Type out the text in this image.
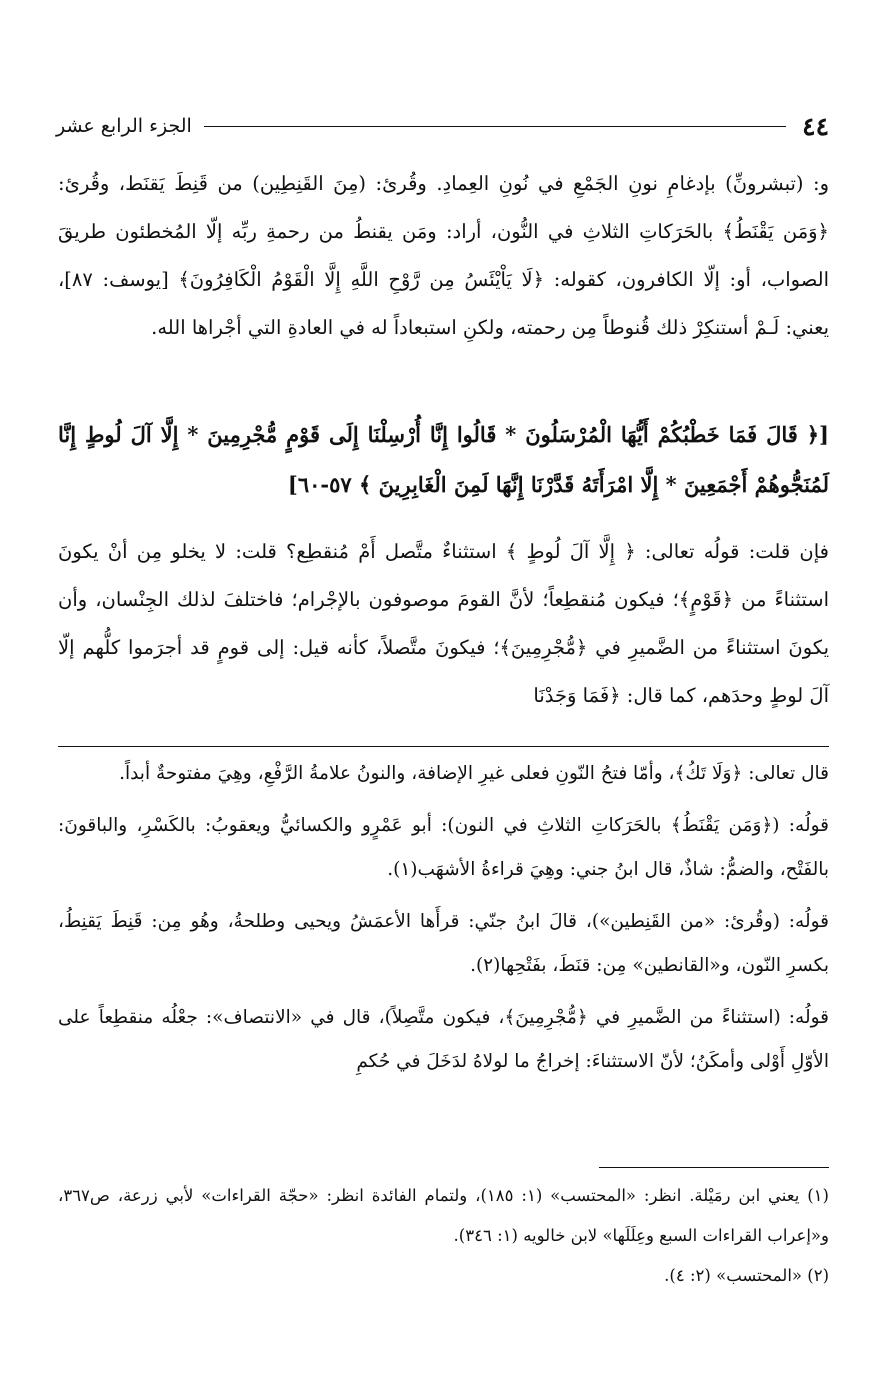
٤٤
الجزء الرابع عشر

و: (تبشرونِّ) بإدغامِ نونِ الجَمْعِ في نُونِ العِمادِ. وقُرئ: (مِنَ القَنِطِين) من قَنِطَ يَقنَط، وقُرئ: ﴿وَمَن يَقْنَطُ﴾ بالحَرَكاتِ الثلاثِ في النُّون، أراد: ومَن يقنطُ من رحمةِ ربِّه إلّا المُخطئون طريقَ الصواب، أو: إلّا الكافرون، كقوله: ﴿لَا يَاْيْئَسُ مِن رَّوْحِ اللَّهِ إِلَّا الْقَوْمُ الْكَافِرُونَ﴾ [يوسف: ٨٧]، يعني: لَـمْ أستنكِرْ ذلك قُنوطاً مِن رحمته، ولكنِ استبعاداً له في العادةِ التي أجْراها الله.

[﴿ قَالَ فَمَا خَطْبُكُمْ أَيُّهَا الْمُرْسَلُونَ * قَالُوا إِنَّا أُرْسِلْنَا إِلَى قَوْمٍ مُّجْرِمِينَ * إِلَّا آلَ لُوطٍ إِنَّا لَمُنَجُّوهُمْ أَجْمَعِينَ * إِلَّا امْرَأَتَهُ قَدَّرْنَا إِنَّهَا لَمِنَ الْغَابِرِينَ ﴾ ٥٧-٦٠]

فإن قلت: قولُه تعالى: ﴿ إِلَّا آلَ لُوطٍ ﴾ استثناءٌ متَّصل أَمْ مُنقطِع؟ قلت: لا يخلو مِن أنْ يكونَ استثناءً من ﴿قَوْمٍ﴾؛ فيكون مُنقطِعاً؛ لأنَّ القومَ موصوفون بالإجْرام؛ فاختلفَ لذلك الجِنْسان، وأن يكونَ استثناءً من الضَّميرِ في ﴿مُّجْرِمِينَ﴾؛ فيكونَ متَّصلاً، كأنه قيل: إلى قومٍ قد أجرَموا كلُّهم إلّا آلَ لوطٍ وحدَهم، كما قال: ﴿فَمَا وَجَدْنَا

قال تعالى: ﴿وَلَا تَكُ﴾، وأمّا فتحُ النّونِ فعلى غيرِ الإضافة، والنونُ علامةُ الرَّفْعِ، وهِيَ مفتوحةٌ أبداً.

قولُه: (﴿وَمَن يَقْنَطُ﴾ بالحَرَكاتِ الثلاثِ في النون): أبو عَمْرٍو والكسائيُّ ويعقوبُ: بالكَسْرِ، والباقونَ: بالفَتْح، والضمُّ: شاذٌ، قال ابنُ جني: وهِيَ قراءةُ الأشهَب(١).

قولُه: (وقُرئ: «من القَنِطين»)، قالَ ابنُ جنّي: قرأَها الأعمَشُ ويحيى وطلحةُ، وهُو مِن: قَنِطَ يَقنِطُ، بكسرِ النّون، و«القانطين» مِن: قنَطَ، بفَتْحِها(٢).

قولُه: (استثناءً من الضَّميرِ في ﴿مُّجْرِمِينَ﴾، فيكون متَّصِلاً)، قال في «الانتصاف»: جعْلُه منقطِعاً على الأوّلِ أَوْلى وأمكَنُ؛ لأنّ الاستثناءَ: إخراجُ ما لولاهُ لدَخَلَ في حُكمِ

(١) يعني ابن رمَيْلة. انظر: «المحتسب» (١: ١٨٥)، ولتمام الفائدة انظر: «حجّة القراءات» لأبي زرعة، ص٣٦٧، و«إعراب القراءات السبع وعِلَلَها» لابن خالويه (١: ٣٤٦).

(٢) «المحتسب» (٢: ٤).
